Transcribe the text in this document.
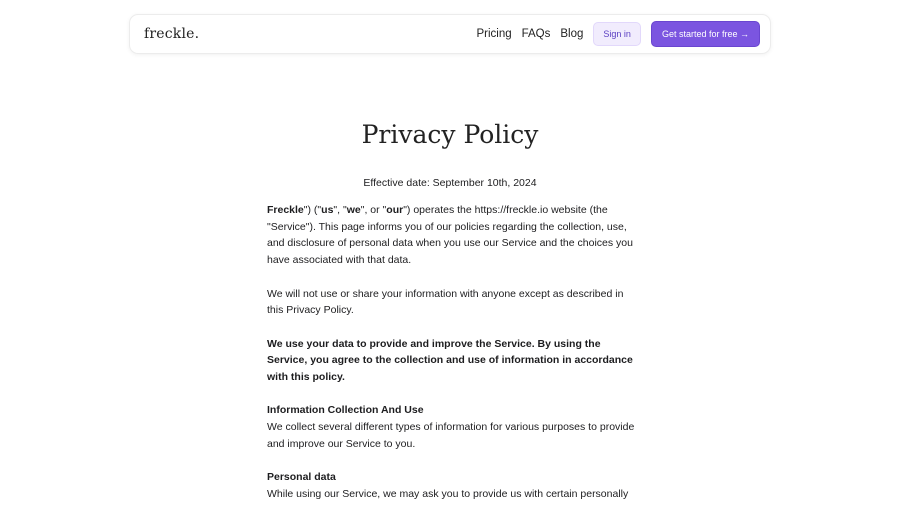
freckle.	Pricing FAQs Blog	Sign in	Get started for free →
Privacy Policy
Effective date: September 10th, 2024

Freckle") ("us", "we", or "our") operates the https://freckle.io website (the "Service"). This page informs you of our policies regarding the collection, use, and disclosure of personal data when you use our Service and the choices you have associated with that data.

We will not use or share your information with anyone except as described in this Privacy Policy.

We use your data to provide and improve the Service. By using the Service, you agree to the collection and use of information in accordance with this policy.

Information Collection And Use
We collect several different types of information for various purposes to provide and improve our Service to you.

Personal data
While using our Service, we may ask you to provide us with certain personally
